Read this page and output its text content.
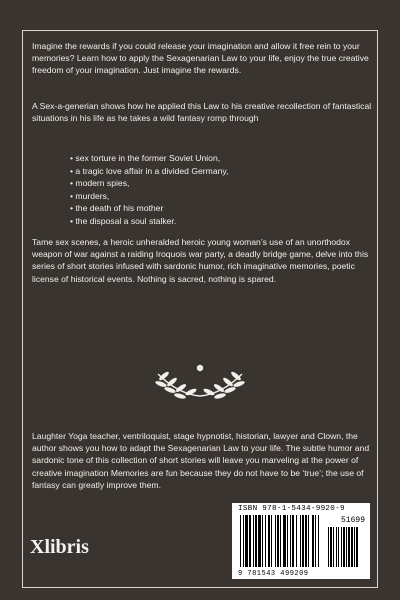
Imagine the rewards if you could release your imagination and allow it free rein to your memories? Learn how to apply the Sexagenarian Law to your life, enjoy the true creative freedom of your imagination. Just imagine the rewards.
A Sex-a-generian shows how he applied this Law to his creative recollection of fantastical situations in his life as he takes a wild fantasy romp through
• sex torture in the former Soviet Union,
• a tragic love affair in a divided Germany,
• modern spies,
• murders,
• the death of his mother
• the disposal a soul stalker.
Tame sex scenes, a heroic unheralded heroic young woman’s use of an unorthodox weapon of war against a raiding Iroquois war party, a deadly bridge game, delve into this series of short stories infused with sardonic humor, rich imaginative memories, poetic license of historical events. Nothing is sacred, nothing is spared.
Laughter Yoga teacher, ventriloquist, stage hypnotist, historian, lawyer and Clown, the author shows you how to adapt the Sexagenarian Law to your life. The subtle humor and sardonic tone of this collection of short stories will leave you marveling at the power of creative imagination Memories are fun because they do not have to be ‘true’; the use of fantasy can greatly improve them.
Xlibris
ISBN 978-1-5434-9920-9
51699
9 781543 499209
